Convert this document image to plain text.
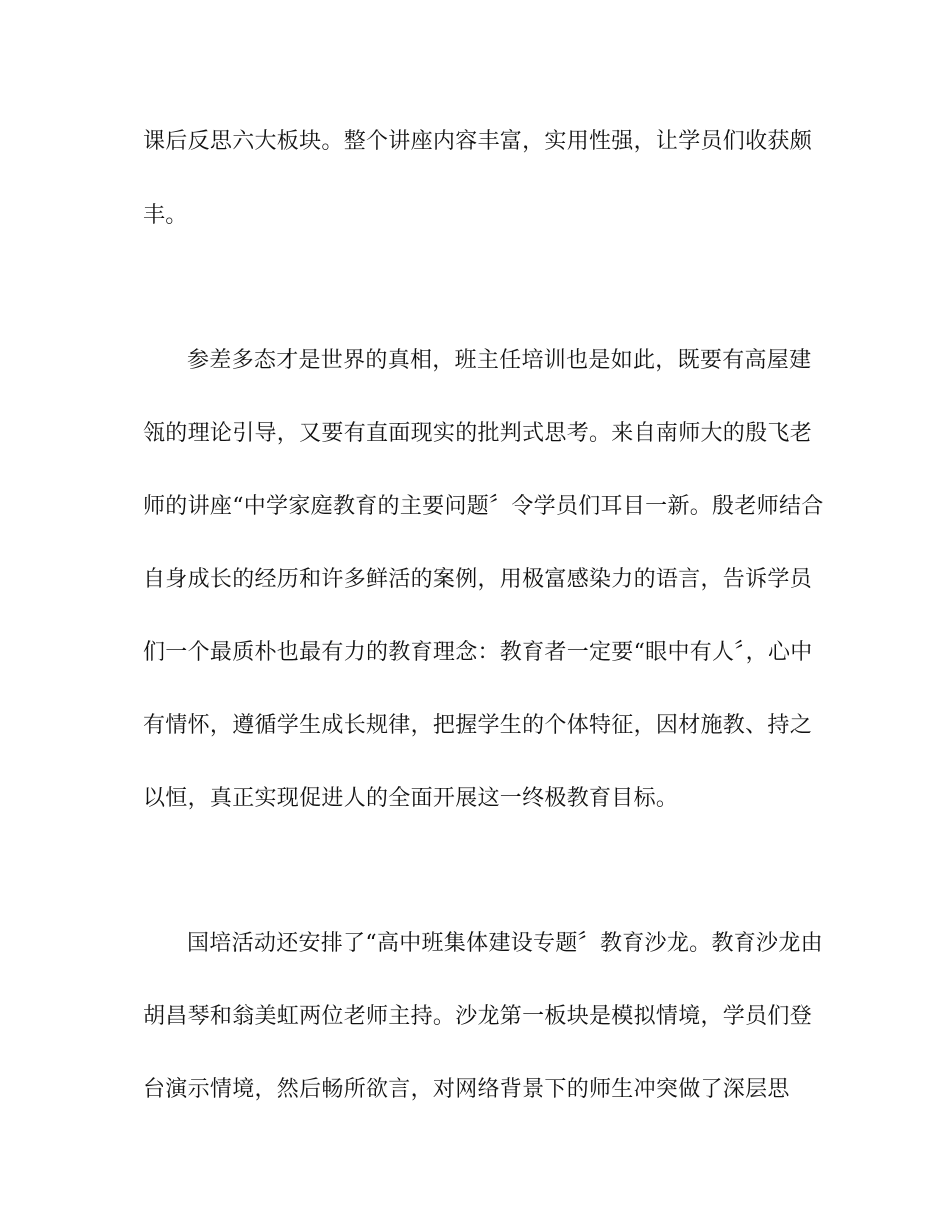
课后反思六大板块。整个讲座内容丰富，实用性强，让学员们收获颇
丰。
参差多态才是世界的真相，班主任培训也是如此，既要有高屋建
瓴的理论引导，又要有直面现实的批判式思考。来自南师大的殷飞老
师的讲座“中学家庭教育的主要问题〞令学员们耳目一新。殷老师结合
自身成长的经历和许多鲜活的案例，用极富感染力的语言，告诉学员
们一个最质朴也最有力的教育理念：教育者一定要“眼中有人〞，心中
有情怀，遵循学生成长规律，把握学生的个体特征，因材施教、持之
以恒，真正实现促进人的全面开展这一终极教育目标。
国培活动还安排了“高中班集体建设专题〞教育沙龙。教育沙龙由
胡昌琴和翁美虹两位老师主持。沙龙第一板块是模拟情境，学员们登
台演示情境，然后畅所欲言，对网络背景下的师生冲突做了深层思
